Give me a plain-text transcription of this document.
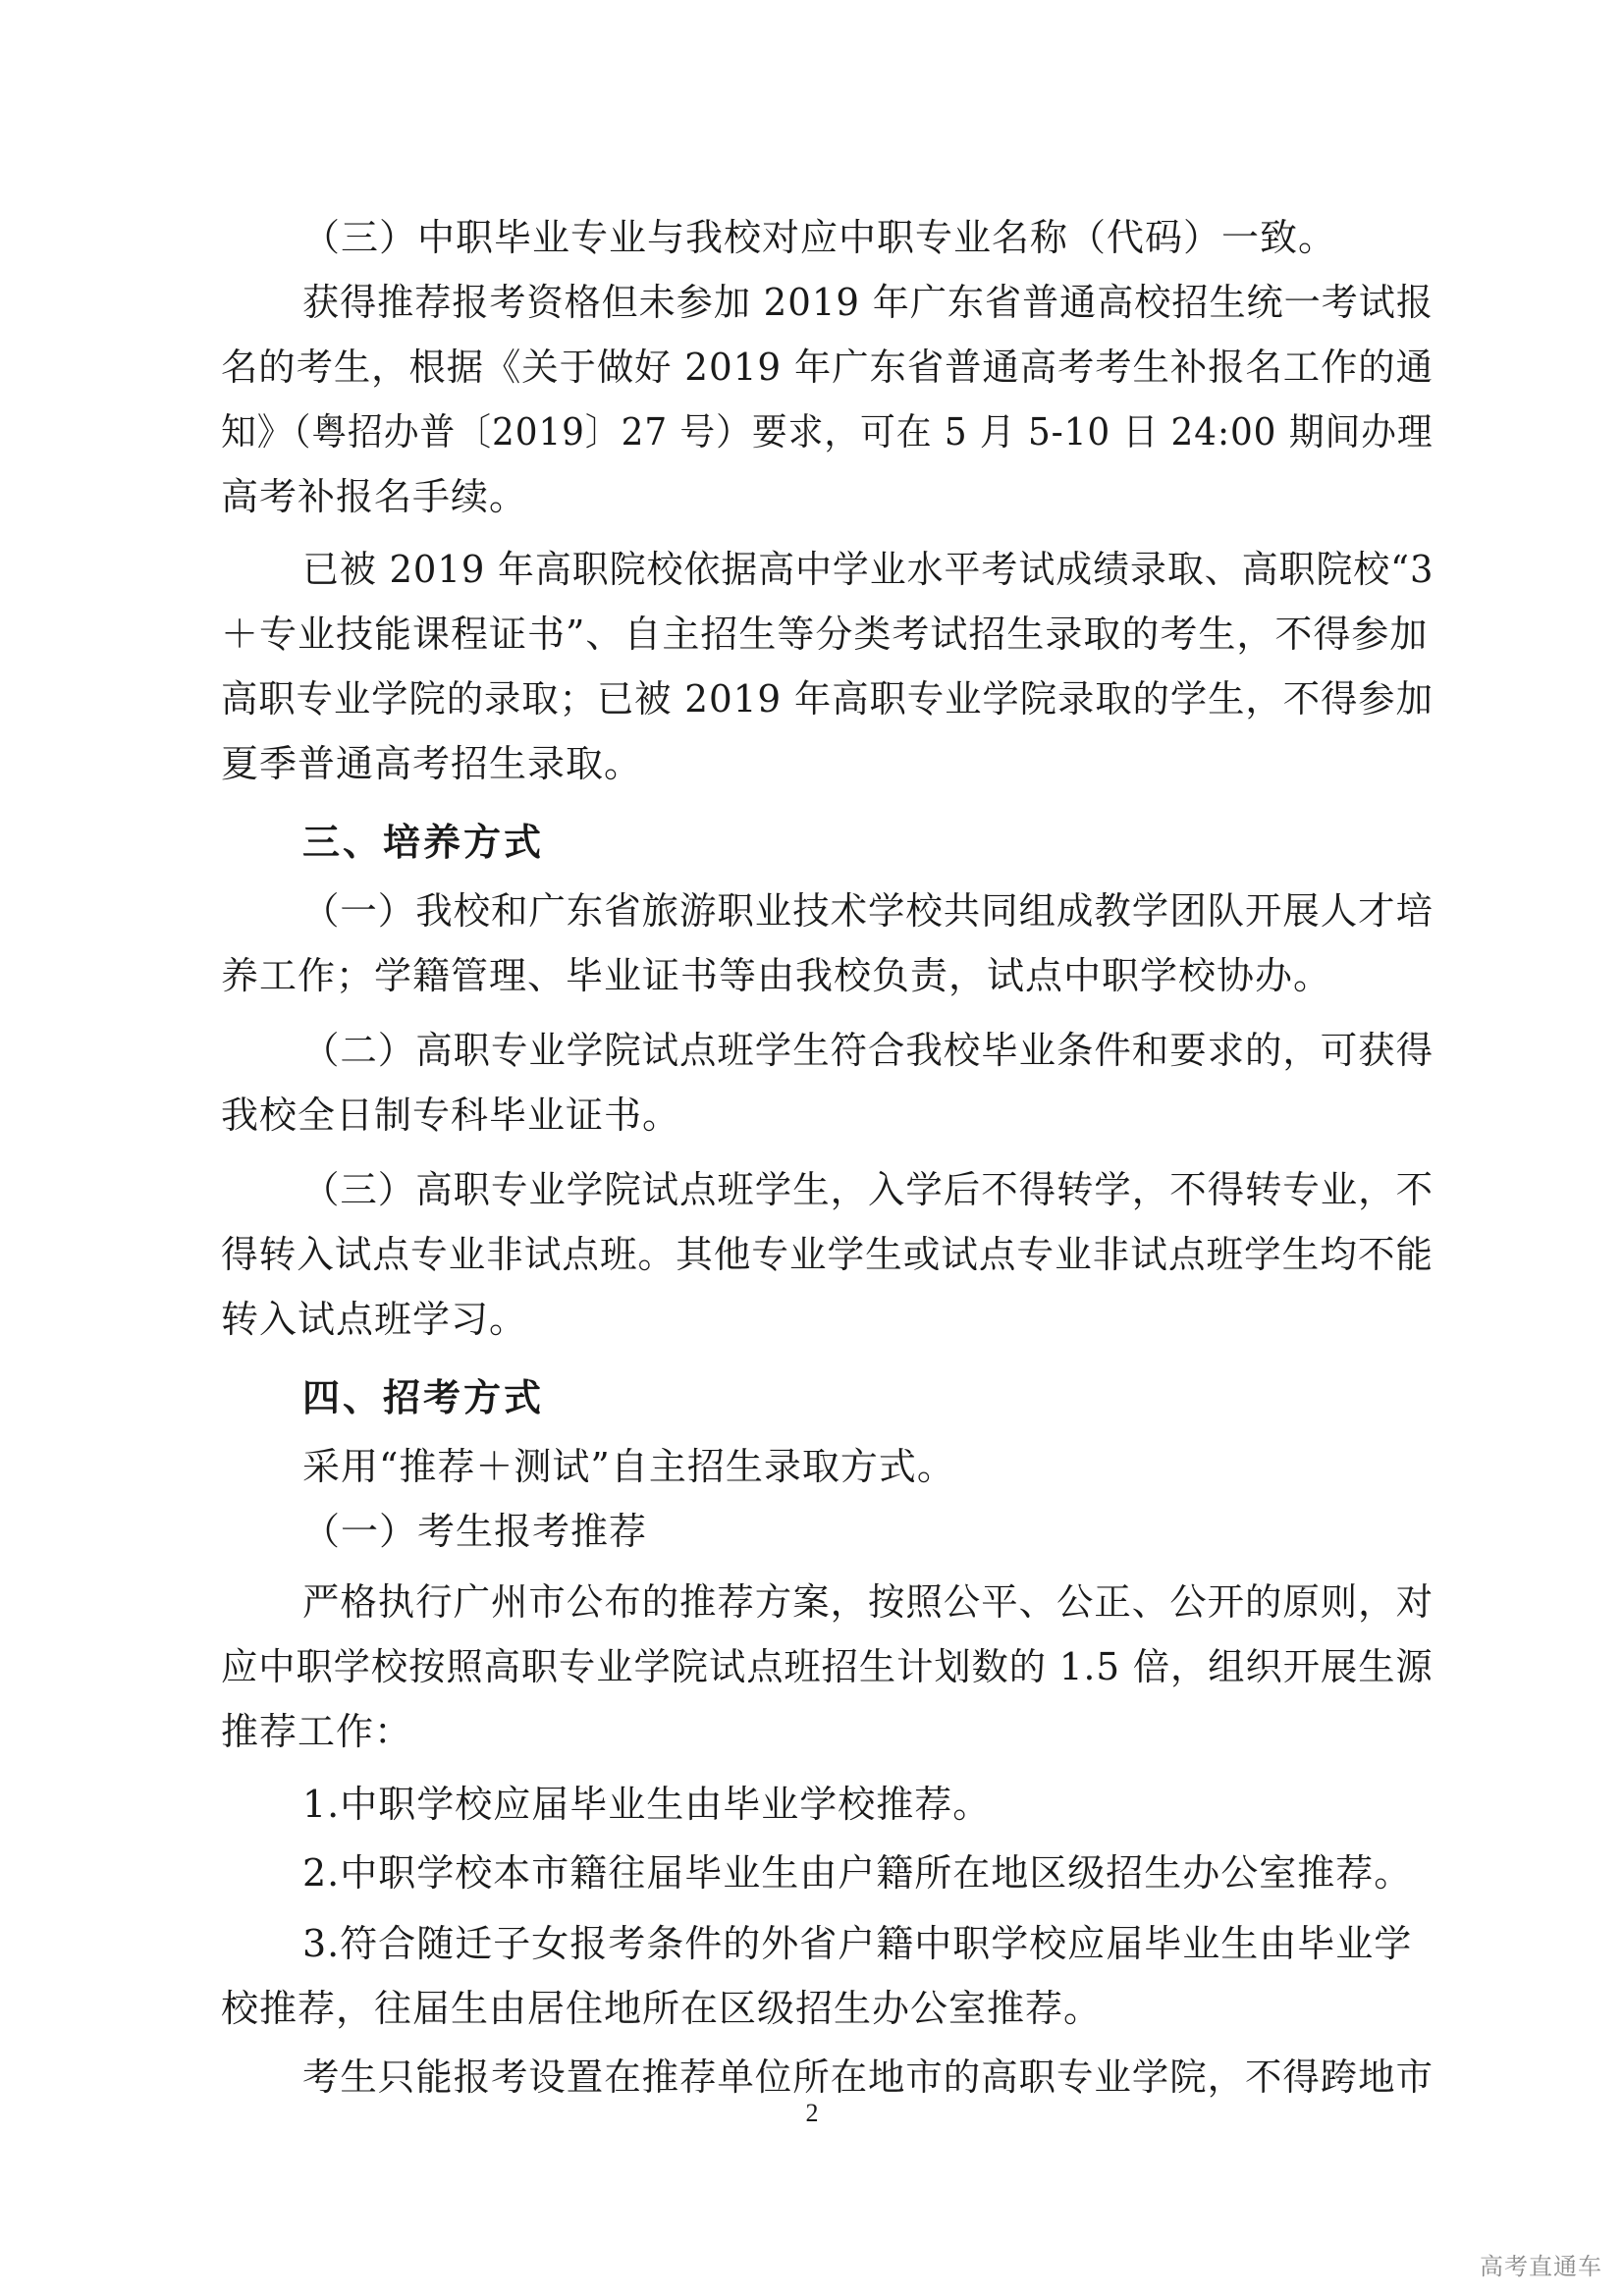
（三）中职毕业专业与我校对应中职专业名称（代码）一致。
获得推荐报考资格但未参加 2019 年广东省普通高校招生统一考试报
名的考生，根据《关于做好 2019 年广东省普通高考考生补报名工作的通
知》（粤招办普〔2019〕27 号）要求，可在 5 月 5-10 日 24:00 期间办理
高考补报名手续。
已被 2019 年高职院校依据高中学业水平考试成绩录取、高职院校“3
＋专业技能课程证书”、自主招生等分类考试招生录取的考生，不得参加
高职专业学院的录取；已被 2019 年高职专业学院录取的学生，不得参加
夏季普通高考招生录取。
三、培养方式
（一）我校和广东省旅游职业技术学校共同组成教学团队开展人才培
养工作；学籍管理、毕业证书等由我校负责，试点中职学校协办。
（二）高职专业学院试点班学生符合我校毕业条件和要求的，可获得
我校全日制专科毕业证书。
（三）高职专业学院试点班学生，入学后不得转学，不得转专业，不
得转入试点专业非试点班。其他专业学生或试点专业非试点班学生均不能
转入试点班学习。
四、招考方式
采用“推荐＋测试”自主招生录取方式。
（一）考生报考推荐
严格执行广州市公布的推荐方案，按照公平、公正、公开的原则，对
应中职学校按照高职专业学院试点班招生计划数的 1.5 倍，组织开展生源
推荐工作：
1.中职学校应届毕业生由毕业学校推荐。
2.中职学校本市籍往届毕业生由户籍所在地区级招生办公室推荐。
3.符合随迁子女报考条件的外省户籍中职学校应届毕业生由毕业学
校推荐，往届生由居住地所在区级招生办公室推荐。
考生只能报考设置在推荐单位所在地市的高职专业学院，不得跨地市
2
高考直通车
